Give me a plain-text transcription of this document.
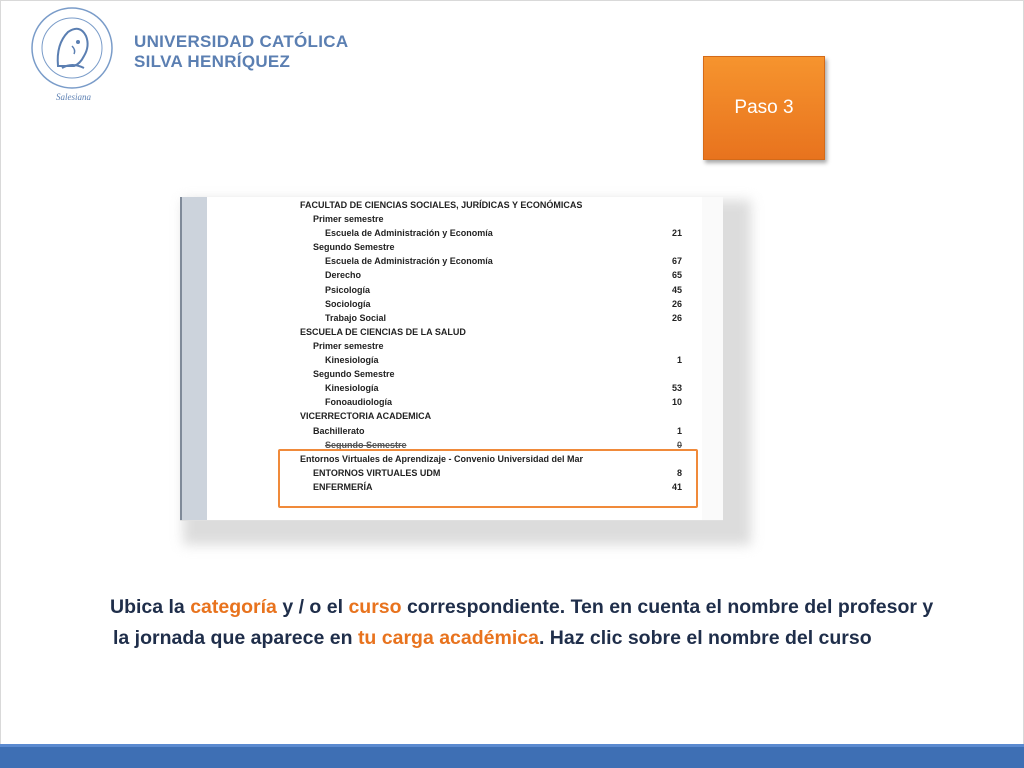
Salesiana
UNIVERSIDAD CATÓLICA
SILVA HENRÍQUEZ
Paso 3
FACULTAD DE CIENCIAS SOCIALES, JURÍDICAS Y ECONÓMICAS
Primer semestre
Escuela de Administración y Economía	21
Segundo Semestre
Escuela de Administración y Economía	67
Derecho	65
Psicología	45
Sociología	26
Trabajo Social	26
ESCUELA DE CIENCIAS DE LA SALUD
Primer semestre
Kinesiología	1
Segundo Semestre
Kinesiología	53
Fonoaudiología	10
VICERRECTORIA ACADEMICA
Bachillerato	1
Segundo Semestre	0
Entornos Virtuales de Aprendizaje - Convenio Universidad del Mar
ENTORNOS VIRTUALES UDM	8
ENFERMERÍA	41
Ubica la categoría y / o el curso correspondiente. Ten en cuenta el nombre del profesor y la jornada que aparece en tu carga académica. Haz clic sobre el nombre del curso
